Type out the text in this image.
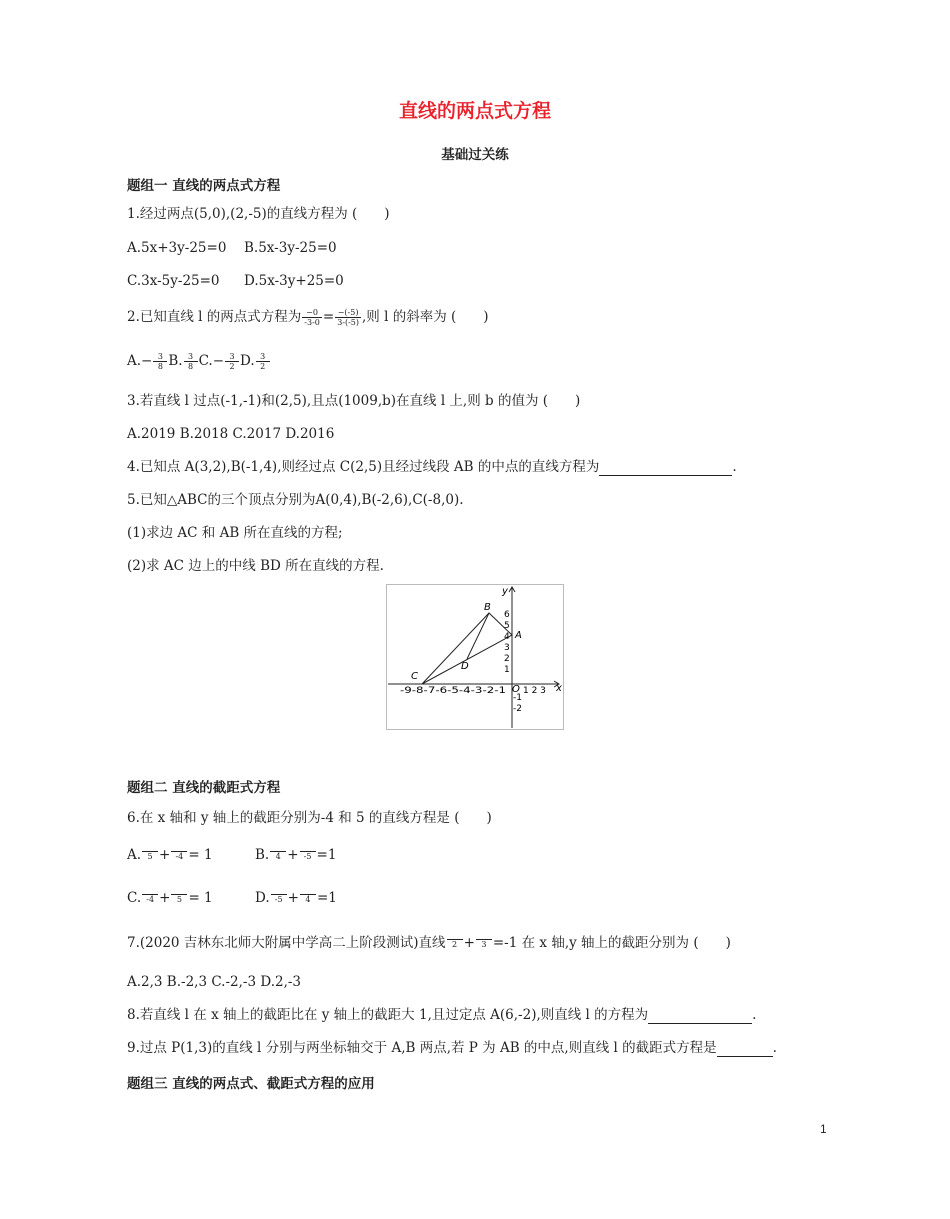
直线的两点式方程
基础过关练
题组一 直线的两点式方程
1.经过两点(5,0),(2,-5)的直线方程为 (　　)
A.5x+3y-25=0 B.5x-3y-25=0
C.3x-5y-25=0 D.5x-3y+25=0
2.已知直线 l 的两点式方程为 $\frac{-0}{-3-0} = \frac{-(-5)}{3-(-5)}$ ,则 l 的斜率为 (　　)
$A.- \frac{3}{8} B$. $\frac{3}{8} C.- \frac{3}{2} D$. $\frac{3}{2}$
3.若直线 l 过点(-1,-1)和(2,5),且点(1009,b)在直线 l 上,则 b 的值为 (　　)
A.2019 B.2018 C.2017 D.2016
4.已知点 A(3,2),B(-1,4),则经过点 C(2,5)且经过线段 AB 的中点的直线方程为	.
5.已知△ABC的三个顶点分别为A(0,4),B(-2,6),C(-8,0).
(1)求边 AC 和 AB 所在直线的方程;
(2)求 AC 边上的中线 BD 所在直线的方程.
y
x
B
A
C
D
O
-9-8-7-6-5-4-3-2-1 1 2 3
6
5
4
3
2
1
-1
-2
题组二 直线的截距式方程
6.在 x 轴和 y 轴上的截距分别为-4 和 5 的直线方程是 (　　)
A. 5 + -4 = 1	B. 4 + -5 =1
C. -4 + 5 = 1	D. -5 + 4 =1
7.(2020 吉林东北师大附属中学高二上阶段测试)直线 2 + 3 =-1 在 x 轴,y 轴上的截距分别为 (　　)
A.2,3 B.-2,3 C.-2,-3 D.2,-3
8.若直线 l 在 x 轴上的截距比在 y 轴上的截距大 1,且过定点 A(6,-2),则直线 l 的方程为	.
9.过点 P(1,3)的直线 l 分别与两坐标轴交于 A,B 两点,若 P 为 AB 的中点,则直线 l 的截距式方程是	.
题组三 直线的两点式、截距式方程的应用
1
